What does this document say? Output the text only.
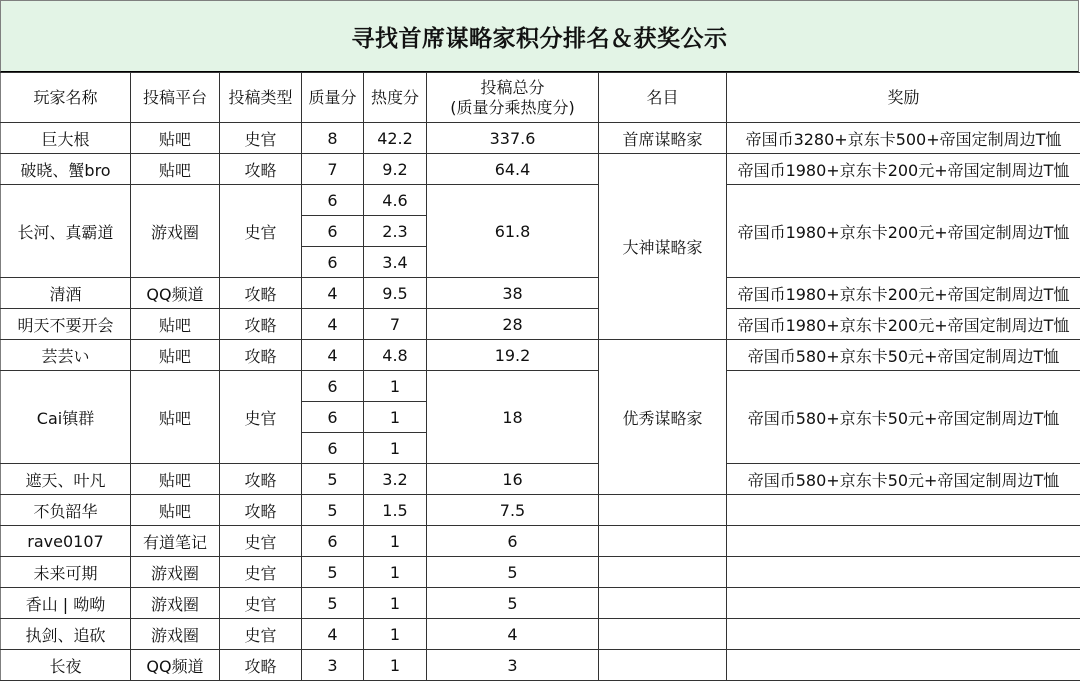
寻找首席谋略家积分排名＆获奖公示
玩家名称	投稿平台	投稿类型	质量分	热度分	投稿总分
(质量分乘热度分)	名目	奖励
巨大根	贴吧	史官	8	42.2	337.6	首席谋略家	帝国币3280+京东卡500+帝国定制周边T恤
破晓、蟹bro	贴吧	攻略	7	9.2	64.4	大神谋略家	帝国币1980+京东卡200元+帝国定制周边T恤
长河、真霸道	游戏圈	史官	6	4.6	61.8		帝国币1980+京东卡200元+帝国定制周边T恤
			6	2.3			
			6	3.4			
清酒	QQ频道	攻略	4	9.5	38		帝国币1980+京东卡200元+帝国定制周边T恤
明天不要开会	贴吧	攻略	4	7	28		帝国币1980+京东卡200元+帝国定制周边T恤
芸芸い	贴吧	攻略	4	4.8	19.2	优秀谋略家	帝国币580+京东卡50元+帝国定制周边T恤
Cai镇群	贴吧	史官	6	1	18		帝国币580+京东卡50元+帝国定制周边T恤
			6	1			
			6	1			
遮天、叶凡	贴吧	攻略	5	3.2	16		帝国币580+京东卡50元+帝国定制周边T恤
不负韶华	贴吧	攻略	5	1.5	7.5		
rave0107	有道笔记	史官	6	1	6		
未来可期	游戏圈	史官	5	1	5		
香山 | 呦呦	游戏圈	史官	5	1	5		
执剑、追砍	游戏圈	史官	4	1	4		
长夜	QQ频道	攻略	3	1	3		
